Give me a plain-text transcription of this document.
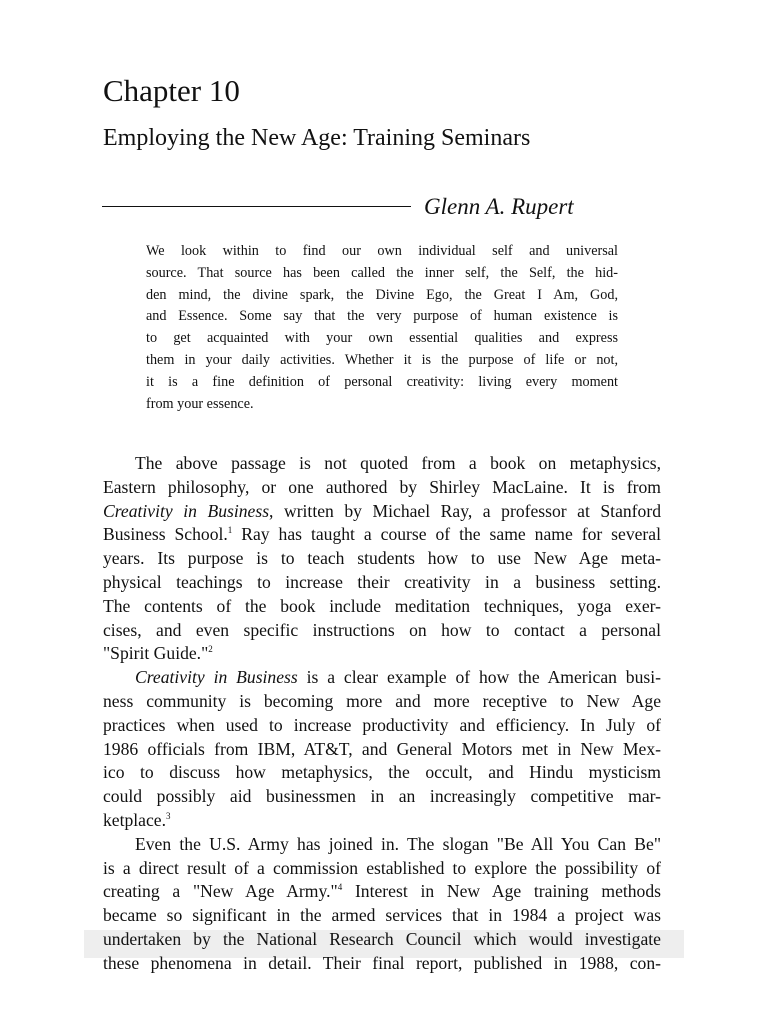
Chapter 10
Employing the New Age: Training Seminars
Glenn A. Rupert
We look within to find our own individual self and universal
source. That source has been called the inner self, the Self, the hid-
den mind, the divine spark, the Divine Ego, the Great I Am, God,
and Essence. Some say that the very purpose of human existence is
to get acquainted with your own essential qualities and express
them in your daily activities. Whether it is the purpose of life or not,
it is a fine definition of personal creativity: living every moment
from your essence.
The above passage is not quoted from a book on metaphysics,
Eastern philosophy, or one authored by Shirley MacLaine. It is from
Creativity in Business, written by Michael Ray, a professor at Stanford
Business School.$^1$ Ray has taught a course of the same name for several
years. Its purpose is to teach students how to use New Age meta-
physical teachings to increase their creativity in a business setting.
The contents of the book include meditation techniques, yoga exer-
cises, and even specific instructions on how to contact a personal
"Spirit Guide."$^2$
Creativity in Business is a clear example of how the American busi-
ness community is becoming more and more receptive to New Age
practices when used to increase productivity and efficiency. In July of
1986 officials from IBM, AT&T, and General Motors met in New Mex-
ico to discuss how metaphysics, the occult, and Hindu mysticism
could possibly aid businessmen in an increasingly competitive mar-
ketplace.$^3$
Even the U.S. Army has joined in. The slogan "Be All You Can Be"
is a direct result of a commission established to explore the possibility of
creating a "New Age Army."$^4$ Interest in New Age training methods
became so significant in the armed services that in 1984 a project was
undertaken by the National Research Council which would investigate
these phenomena in detail. Their final report, published in 1988, con-
